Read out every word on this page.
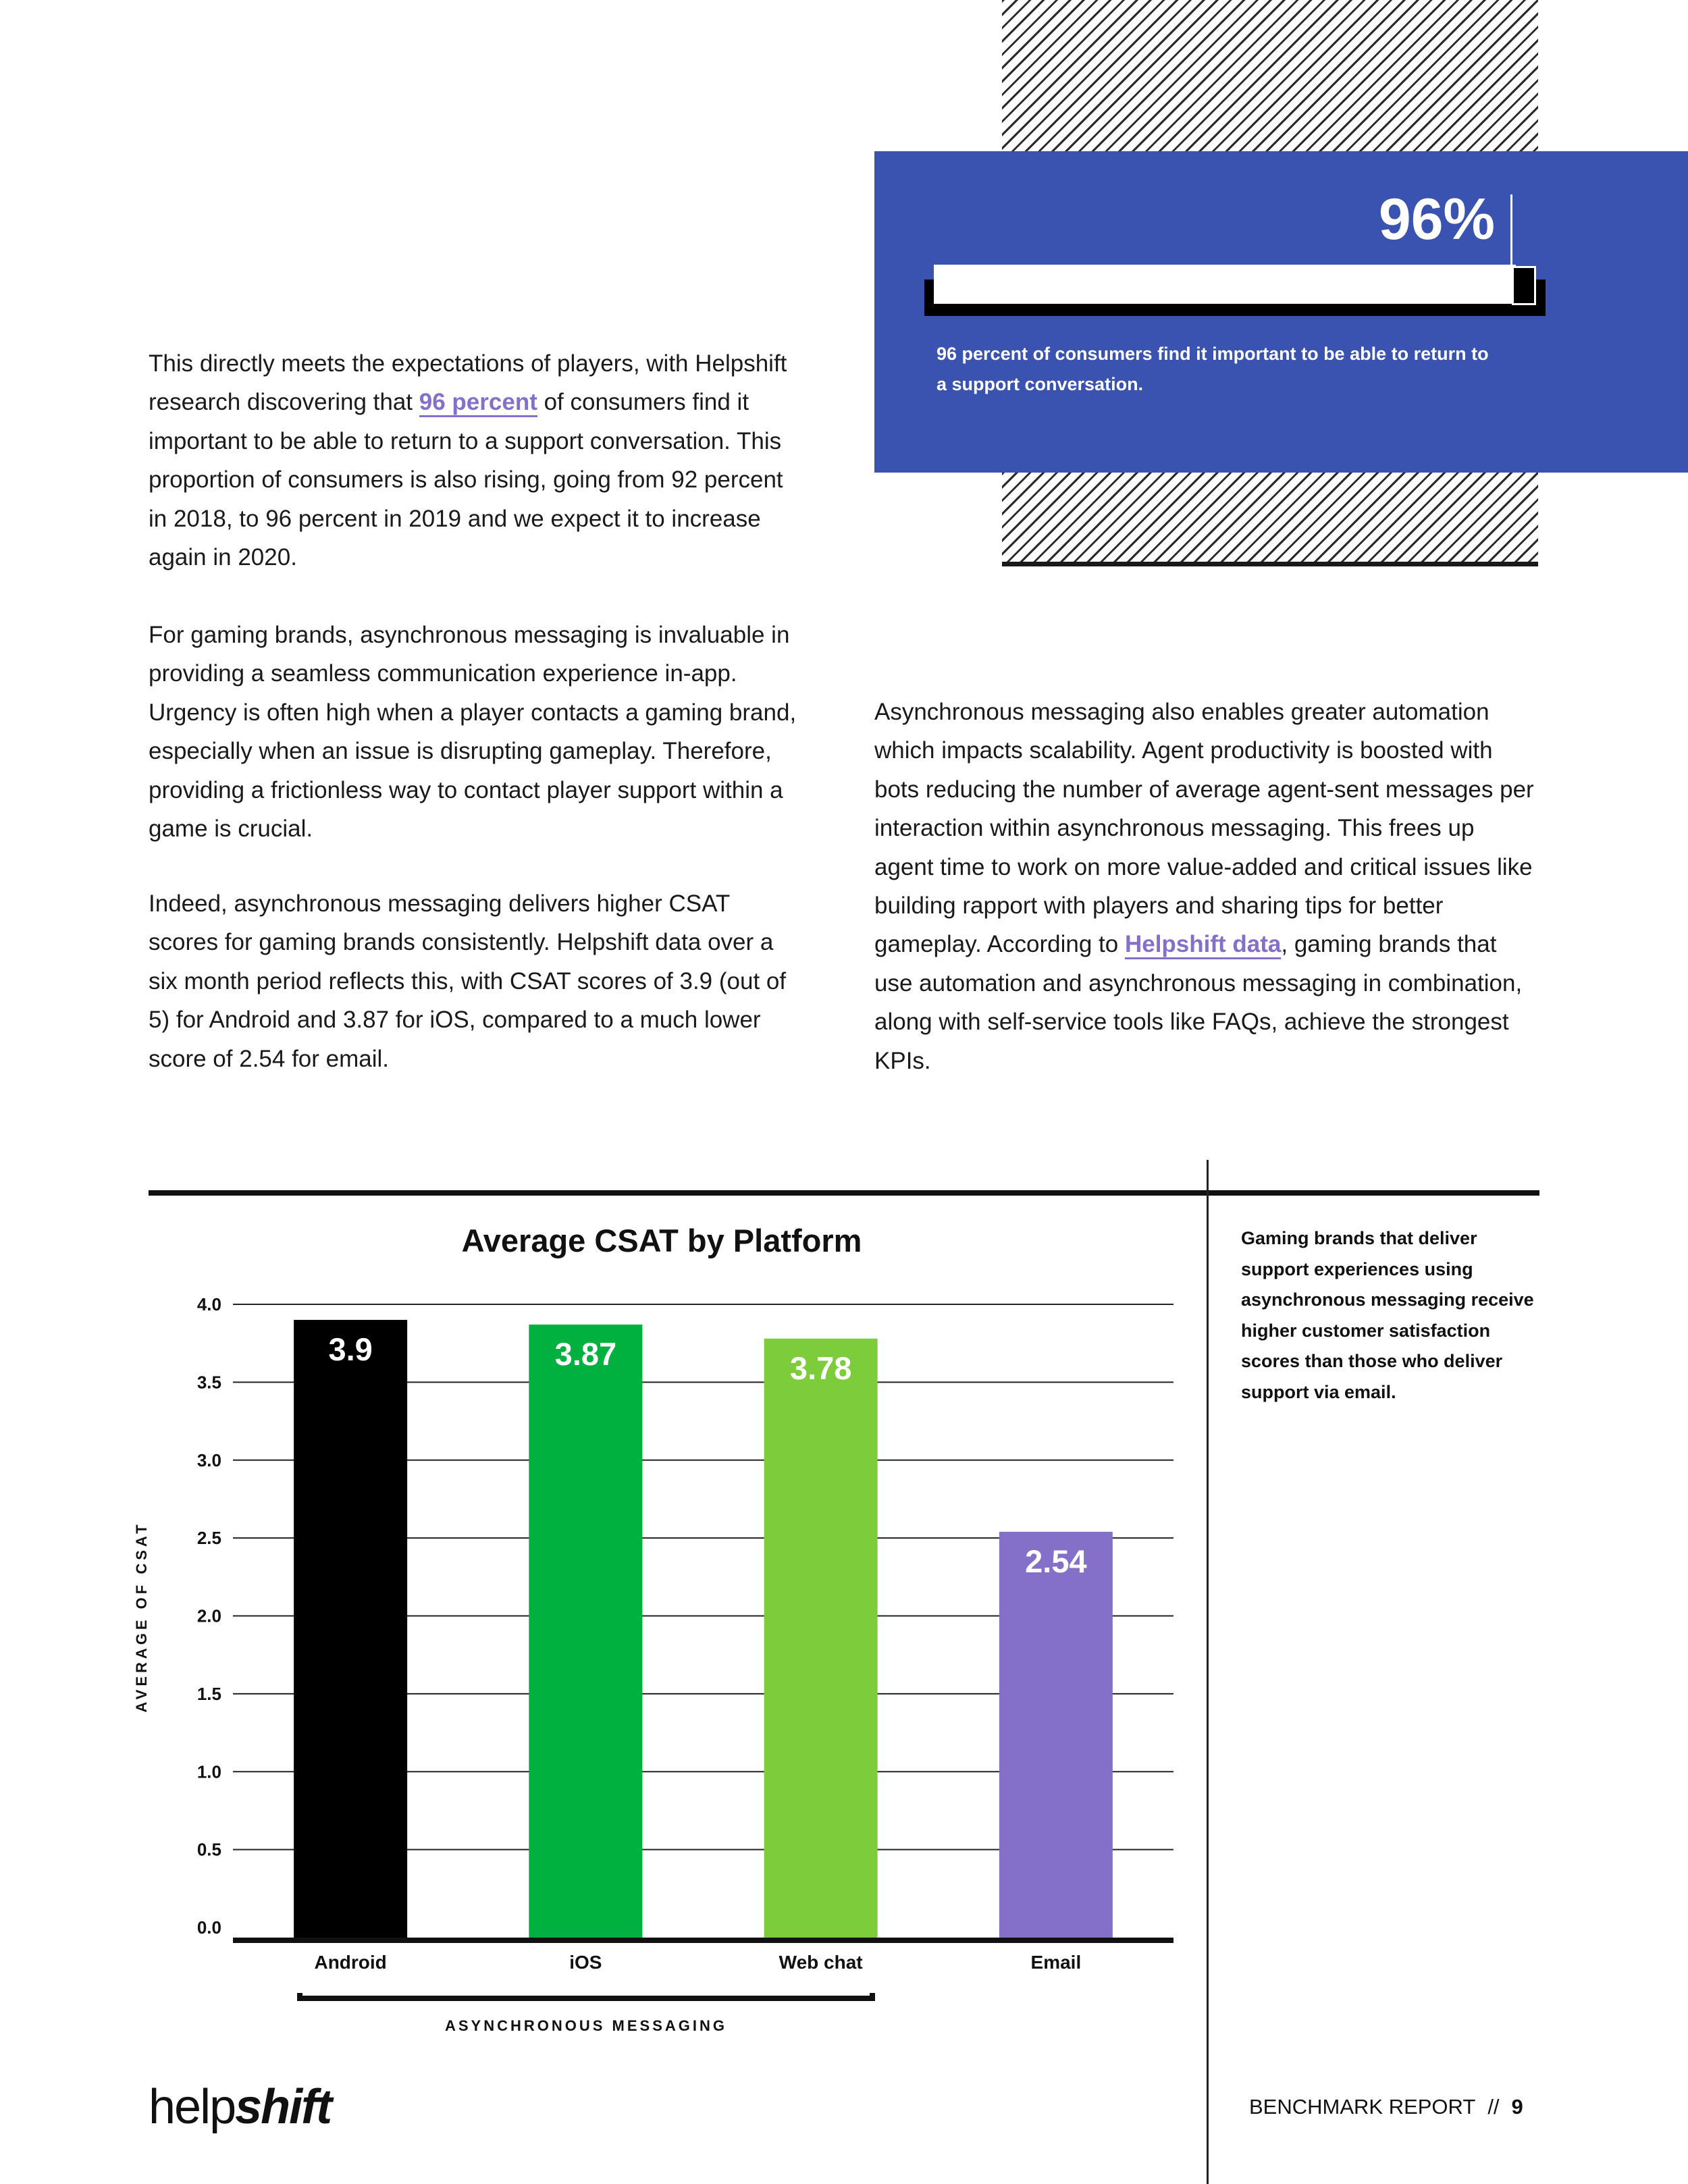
96%
96 percent of consumers find it important to be able to return to a support conversation.

This directly meets the expectations of players, with Helpshift research discovering that 96 percent of consumers find it important to be able to return to a support conversation. This proportion of consumers is also rising, going from 92 percent in 2018, to 96 percent in 2019 and we expect it to increase again in 2020.

For gaming brands, asynchronous messaging is invaluable in providing a seamless communication experience in-app. Urgency is often high when a player contacts a gaming brand, especially when an issue is disrupting gameplay. Therefore, providing a frictionless way to contact player support within a game is crucial.

Indeed, asynchronous messaging delivers higher CSAT scores for gaming brands consistently. Helpshift data over a six month period reflects this, with CSAT scores of 3.9 (out of 5) for Android and 3.87 for iOS, compared to a much lower score of 2.54 for email.

Asynchronous messaging also enables greater automation which impacts scalability. Agent productivity is boosted with bots reducing the number of average agent-sent messages per interaction within asynchronous messaging. This frees up agent time to work on more value-added and critical issues like building rapport with players and sharing tips for better gameplay. According to Helpshift data, gaming brands that use automation and asynchronous messaging in combination, along with self-service tools like FAQs, achieve the strongest KPIs.

Average CSAT by Platform	Gaming brands that deliver support experiences using asynchronous messaging receive higher customer satisfaction scores than those who deliver support via email.
AVERAGE OF CSAT
0.0
0.5
1.0
1.5
2.0
2.5
3.0
3.5
4.0
3.9
Android
3.87
iOS
3.78
Web chat
2.54
Email
ASYNCHRONOUS MESSAGING
helpshift	BENCHMARK REPORT // 9
